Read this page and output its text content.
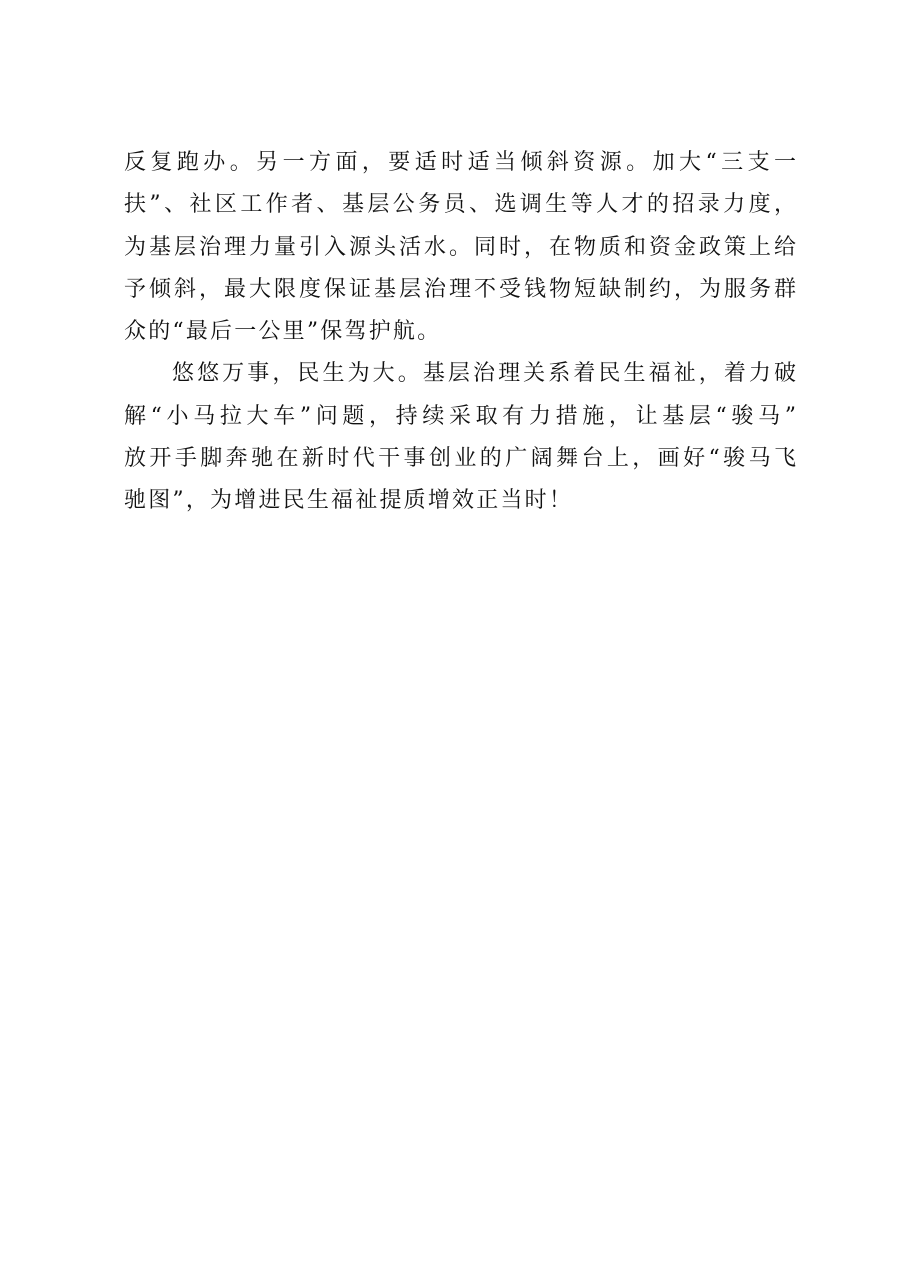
反复跑办。另一方面，要适时适当倾斜资源。加大“三支一
扶”、社区工作者、基层公务员、选调生等人才的招录力度，
为基层治理力量引入源头活水。同时，在物质和资金政策上给
予倾斜，最大限度保证基层治理不受钱物短缺制约，为服务群
众的“最后一公里”保驾护航。
悠悠万事，民生为大。基层治理关系着民生福祉，着力破
解“小马拉大车”问题，持续采取有力措施，让基层“骏马”
放开手脚奔驰在新时代干事创业的广阔舞台上，画好“骏马飞
驰图”，为增进民生福祉提质增效正当时！
